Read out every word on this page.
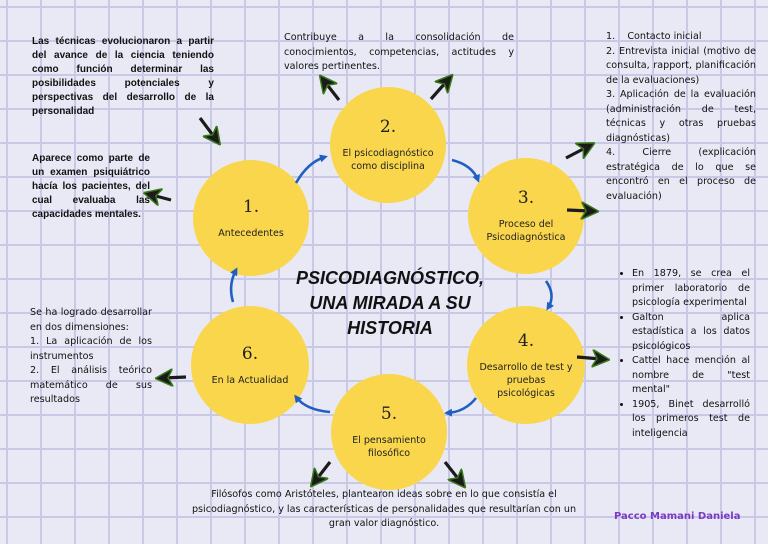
1.
Antecedentes
2.
El psicodiagnóstico como disciplina
3.
Proceso del Psicodiagnóstica
4.
Desarrollo de test y pruebas psicológicas
5.
El pensamiento filosófico
6.
En la Actualidad
PSICODIAGNÓSTICO, UNA MIRADA A SU HISTORIA
Las técnicas evolucionaron a partir del avance de la ciencia teniendo como función determinar las posibilidades potenciales y perspectivas del desarrollo de la personalidad
Aparece como parte de un examen psiquiátrico hacía los pacientes, del cual evaluaba las capacidades mentales.
Contribuye a la consolidación de conocimientos, competencias, actitudes y valores pertinentes.
1.    Contacto inicial
2. Entrevista inicial (motivo de consulta, rapport, planificación de la evaluaciones)
3. Aplicación de la evaluación (administración de test, técnicas y otras pruebas diagnósticas)
4. Cierre (explicación estratégica de lo que se encontró en el proceso de evaluación)
• En 1879, se crea el primer laboratorio de psicología experimental
• Galton aplica estadística a los datos psicológicos
• Cattel hace mención al nombre de "test mental"
• 1905, Binet desarrolló los primeros test de inteligencia
Se ha logrado desarrollar en dos dimensiones:
1. La aplicación de los instrumentos
2. El análisis teórico matemático de sus resultados
Filósofos como Aristóteles, plantearon ideas sobre en lo que consistía el psicodiagnóstico, y las características de personalidades que resultarían con un gran valor diagnóstico.
Pacco Mamani Daniela
